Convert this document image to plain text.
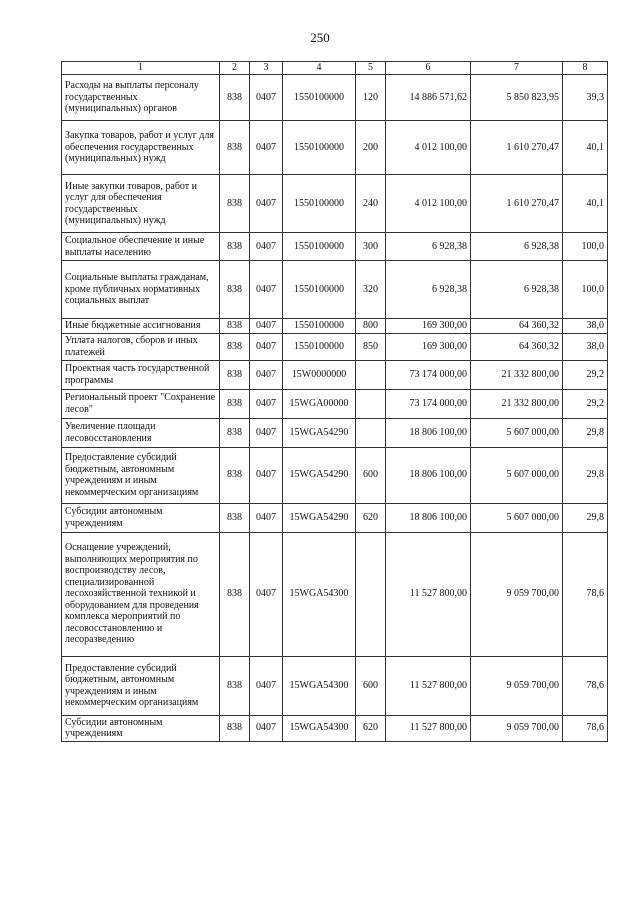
250
1	2	3	4	5	6	7	8
Расходы на выплаты персоналу государственных (муниципальных) органов	838	0407	1550100000	120	14 886 571,62	5 850 823,95	39,3
Закупка товаров, работ и услуг для обеспечения государственных (муниципальных) нужд	838	0407	1550100000	200	4 012 100,00	1 610 270,47	40,1
Иные закупки товаров, работ и услуг для обеспечения государственных (муниципальных) нужд	838	0407	1550100000	240	4 012 100,00	1 610 270,47	40,1
Социальное обеспечение и иные выплаты населению	838	0407	1550100000	300	6 928,38	6 928,38	100,0
Социальные выплаты гражданам, кроме публичных нормативных социальных выплат	838	0407	1550100000	320	6 928,38	6 928,38	100,0
Иные бюджетные ассигнования	838	0407	1550100000	800	169 300,00	64 360,32	38,0
Уплата налогов, сборов и иных платежей	838	0407	1550100000	850	169 300,00	64 360,32	38,0
Проектная часть государственной программы	838	0407	15W0000000		73 174 000,00	21 332 800,00	29,2
Региональный проект "Сохранение лесов"	838	0407	15WGA00000		73 174 000,00	21 332 800,00	29,2
Увеличение площади лесовосстановления	838	0407	15WGA54290		18 806 100,00	5 607 000,00	29,8
Предоставление субсидий бюджетным, автономным учреждениям и иным некоммерческим организациям	838	0407	15WGA54290	600	18 806 100,00	5 607 000,00	29,8
Субсидии автономным учреждениям	838	0407	15WGA54290	620	18 806 100,00	5 607 000,00	29,8
Оснащение учреждений, выполняющих мероприятия по воспроизводству лесов, специализированной лесохозяйственной техникой и оборудованием для проведения комплекса мероприятий по лесовосстановлению и лесоразведению	838	0407	15WGA54300		11 527 800,00	9 059 700,00	78,6
Предоставление субсидий бюджетным, автономным учреждениям и иным некоммерческим организациям	838	0407	15WGA54300	600	11 527 800,00	9 059 700,00	78,6
Субсидии автономным учреждениям	838	0407	15WGA54300	620	11 527 800,00	9 059 700,00	78,6
